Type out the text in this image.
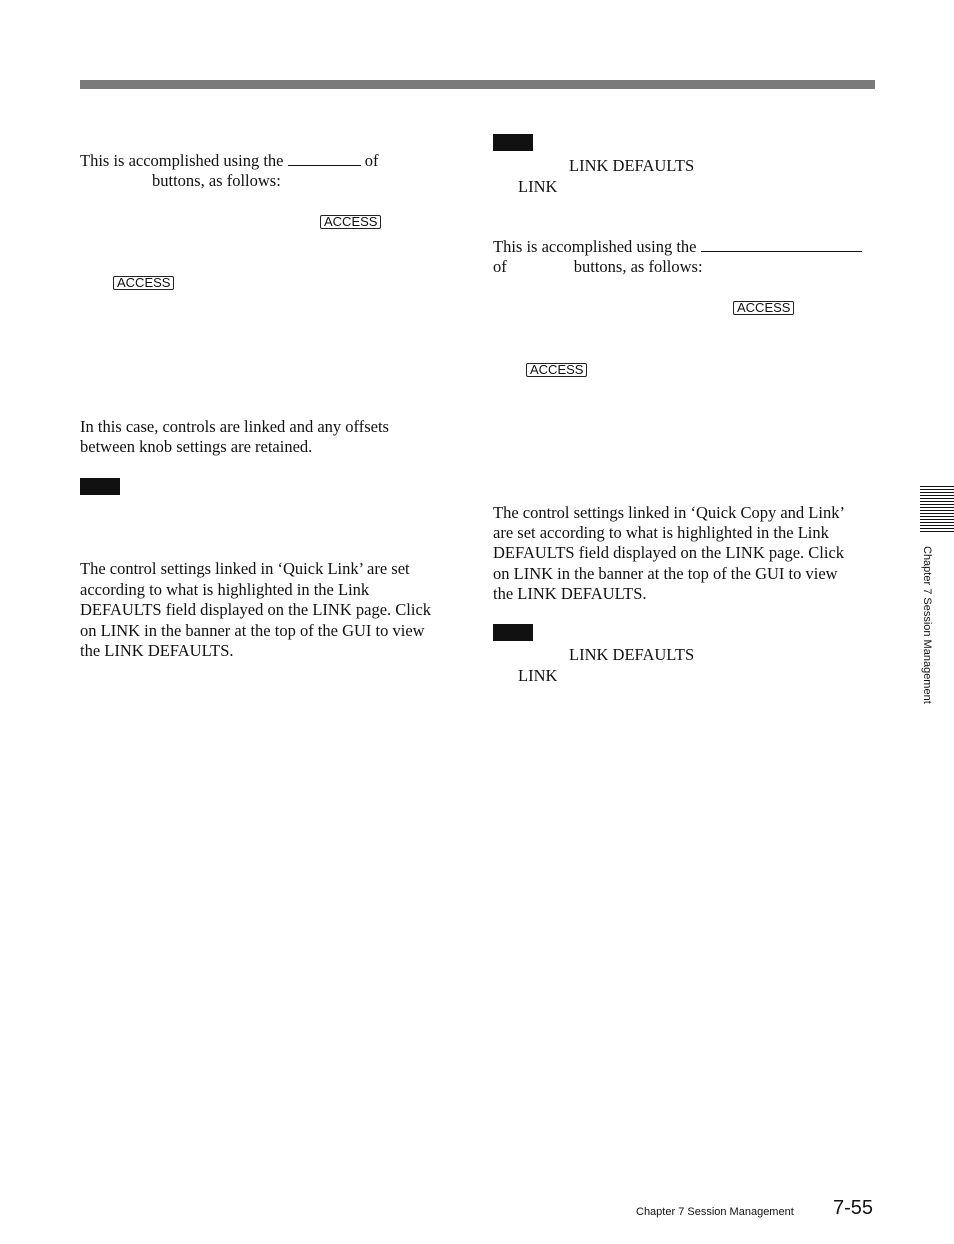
This is accomplished using the	of
buttons, as follows:
ACCESS
ACCESS
In this case, controls are linked and any offsets
between knob settings are retained.
The control settings linked in ‘Quick Link’ are set
according to what is highlighted in the Link
DEFAULTS field displayed on the LINK page. Click
on LINK in the banner at the top of the GUI to view
the LINK DEFAULTS.
LINK DEFAULTS
LINK
This is accomplished using the
of	buttons, as follows:
ACCESS
ACCESS
The control settings linked in ‘Quick Copy and Link’
are set according to what is highlighted in the Link
DEFAULTS field displayed on the LINK page. Click
on LINK in the banner at the top of the GUI to view
the LINK DEFAULTS.
LINK DEFAULTS
LINK	Chapter 7 Session Management
Chapter 7 Session Management 7-55
